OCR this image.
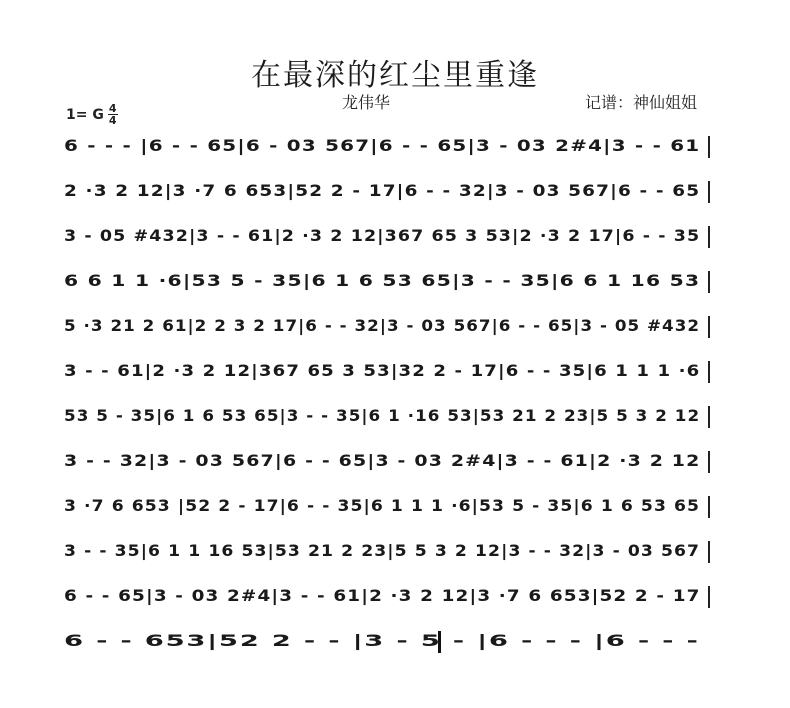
在最深的红尘里重逢
龙伟华	记谱：神仙姐姐
1= G $\frac{4}{4}$
6 - - - |6 - - 65|6 - 03 567|6 - - 65|3 - 03 2#4|3 - - 61
2 ·3 2 12|3 ·7 6 653|52 2 - 17|6 - - 32|3 - 03 567|6 - - 65
3 - 05 #432|3 - - 61|2 ·3 2 12|367 65 3 53|2 ·3 2 17|6 - - 35
6 6 1 1 ·6|53 5 - 35|6 1 6 53 65|3 - - 35|6 6 1 16 53
5 ·3 21 2 61|2 2 3 2 17|6 - - 32|3 - 03 567|6 - - 65|3 - 05 #432
3 - - 61|2 ·3 2 12|367 65 3 53|32 2 - 17|6 - - 35|6 1 1 1 ·6
53 5 - 35|6 1 6 53 65|3 - - 35|6 1 ·16 53|53 21 2 23|5 5 3 2 12
3 - - 32|3 - 03 567|6 - - 65|3 - 03 2#4|3 - - 61|2 ·3 2 12
3 ·7 6 653 |52 2 - 17|6 - - 35|6 1 1 1 ·6|53 5 - 35|6 1 6 53 65
3 - - 35|6 1 1 16 53|53 21 2 23|5 5 3 2 12|3 - - 32|3 - 03 567
6 - - 65|3 - 03 2#4|3 - - 61|2 ·3 2 12|3 ·7 6 653|52 2 - 17
6 - - 653|52 2 - - |3 - 5 - |6 - - - |6 - - -
